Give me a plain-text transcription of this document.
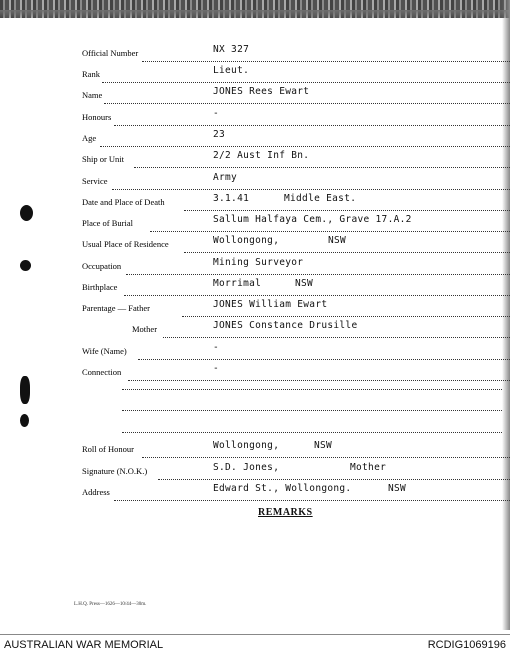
Official Number	NX 327
Rank	Lieut.
Name	JONES Rees Ewart
Honours	-
Age	23
Ship or Unit	2/2 Aust Inf Bn.
Service	Army
Date and Place of Death	3.1.41	Middle East.
Place of Burial	Sallum Halfaya Cem., Grave 17.A.2
Usual Place of Residence	Wollongong,	NSW
Occupation	Mining Surveyor
Birthplace	Morrimal	NSW
Parentage — Father	JONES William Ewart
Mother	JONES Constance Drusille
Wife (Name)	-
Connection	-
Roll of Honour	Wollongong,	NSW
Signature (N.O.K.)	S.D. Jones,	Mother
Address	Edward St., Wollongong.	NSW
REMARKS
L.H.Q. Press—1626—10/44—30m.
AUSTRALIAN WAR MEMORIAL	RCDIG1069196
